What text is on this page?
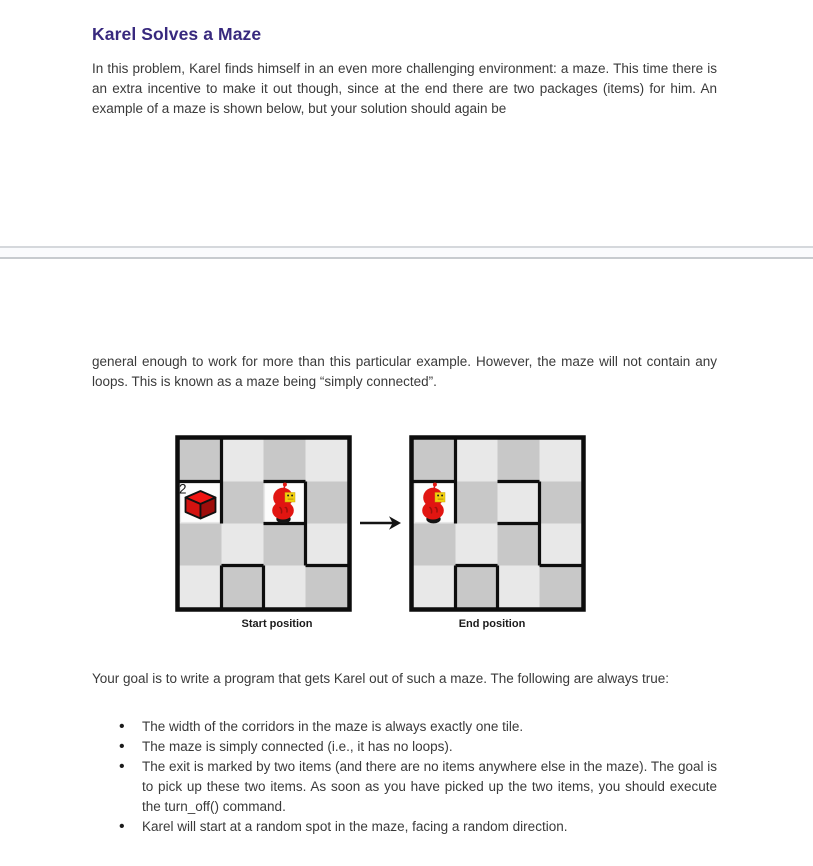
Karel Solves a Maze

In this problem, Karel finds himself in an even more challenging environment: a maze. This time there is an extra incentive to make it out though, since at the end there are two packages (items) for him. An example of a maze is shown below, but your solution should again be

general enough to work for more than this particular example. However, the maze will not contain any loops. This is known as a maze being “simply connected”.

2
Start position	End position

Your goal is to write a program that gets Karel out of such a maze. The following are always true:

• The width of the corridors in the maze is always exactly one tile.
• The maze is simply connected (i.e., it has no loops).
• The exit is marked by two items (and there are no items anywhere else in the maze). The goal is to pick up these two items. As soon as you have picked up the two items, you should execute the turn_off() command.
• Karel will start at a random spot in the maze, facing a random direction.
